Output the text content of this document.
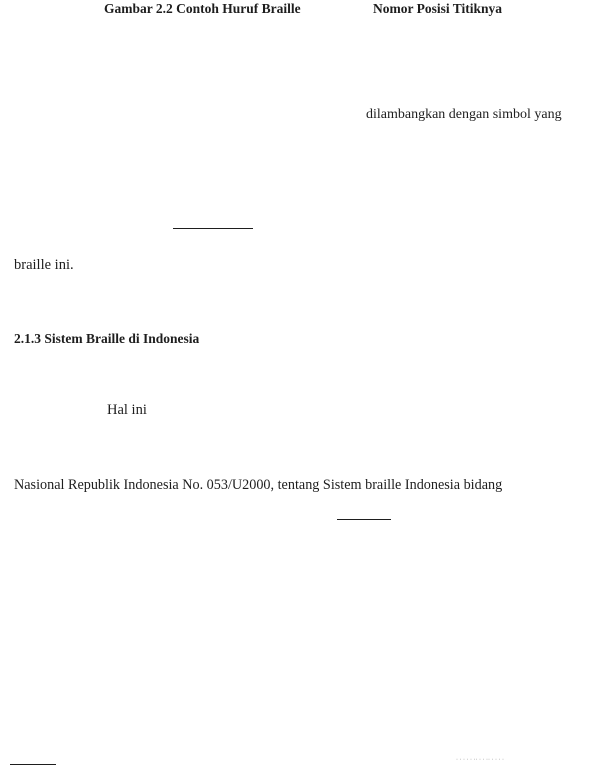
Gambar 2.2 Contoh Huruf Braille	Nomor Posisi Titiknya
dilambangkan dengan simbol yang
braille ini.
2.1.3 Sistem Braille di Indonesia
Hal ini
Nasional Republik Indonesia No. 053/U2000, tentang Sistem braille Indonesia bidang
· · · · · ·· · · ·· · · · ·
